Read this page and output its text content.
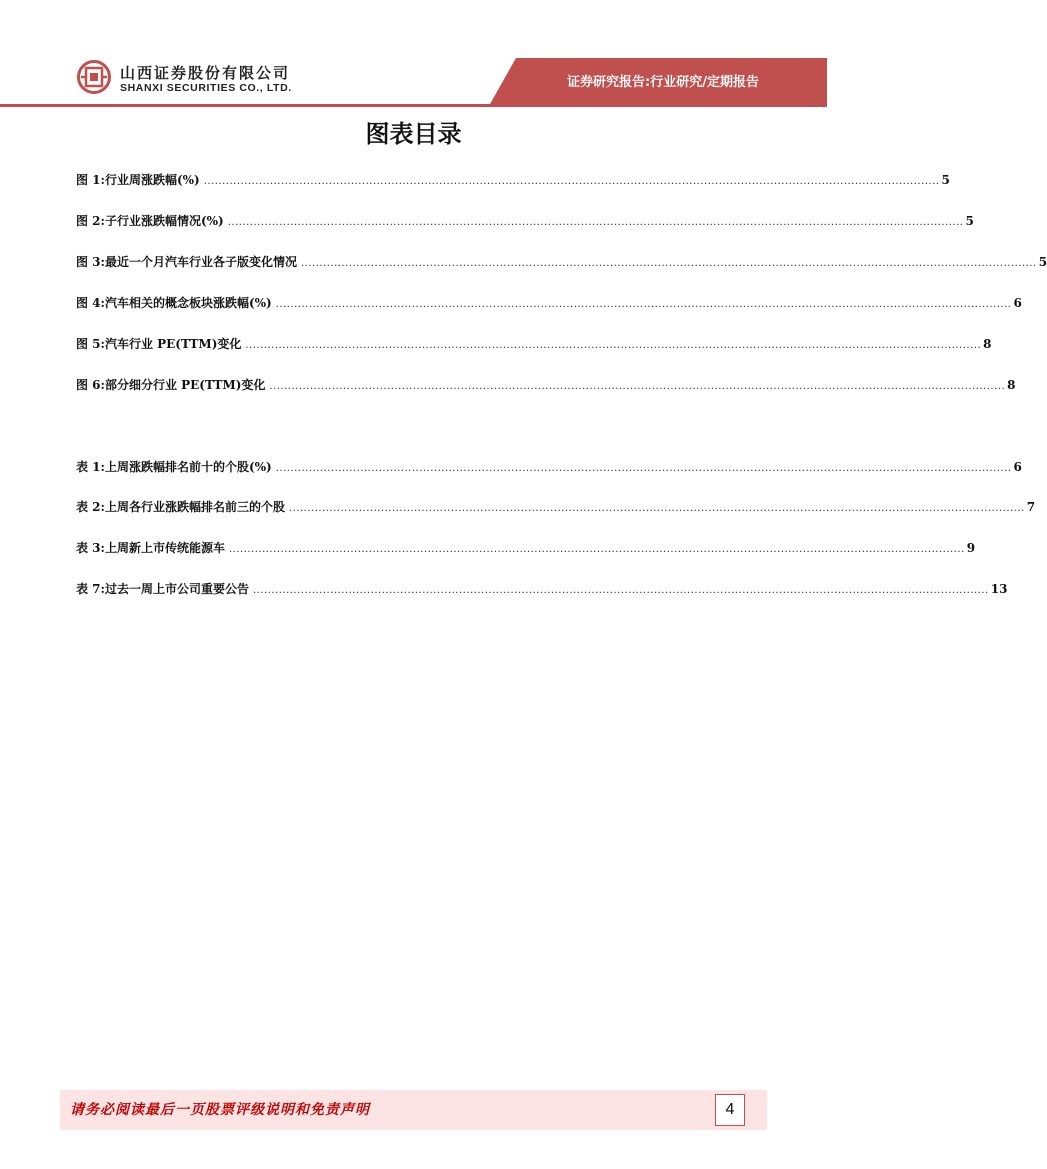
山西证券股份有限公司
SHANXI SECURITIES CO., LTD.	证券研究报告:行业研究/定期报告
图表目录
图 1:行业周涨跌幅(%) ........................................................................................................................................................................................................ 5
图 2:子行业涨跌幅情况(%) ........................................................................................................................................................................................................ 5
图 3:最近一个月汽车行业各子版变化情况 ........................................................................................................................................................................................................ 5
图 4:汽车相关的概念板块涨跌幅(%) ........................................................................................................................................................................................................ 6
图 5:汽车行业 PE(TTM)变化 ........................................................................................................................................................................................................ 8
图 6:部分细分行业 PE(TTM)变化 ........................................................................................................................................................................................................ 8
表 1:上周涨跌幅排名前十的个股(%) ........................................................................................................................................................................................................ 6
表 2:上周各行业涨跌幅排名前三的个股 ........................................................................................................................................................................................................ 7
表 3:上周新上市传统能源车 ........................................................................................................................................................................................................ 9
表 7:过去一周上市公司重要公告 ........................................................................................................................................................................................................ 13
请务必阅读最后一页股票评级说明和免责声明	4
